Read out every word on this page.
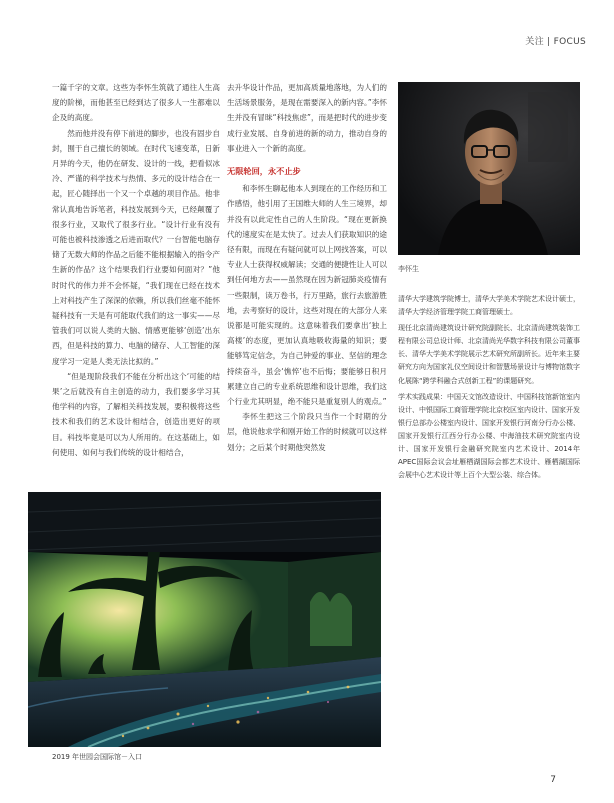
关注 | FOCUS

一篇千字的文章。这些为李怀生筑就了通往人生高度的阶梯，而他甚至已经到达了很多人一生都难以企及的高度。

然而他并没有停下前进的脚步，也没有固步自封，囿于自己擅长的领域。在时代飞速变革，日新月异的今天，他仍在研发、设计的一线，把看似冰冷、严谨的科学技术与热情、多元的设计结合在一起，匠心随择出一个又一个卓越的项目作品。他非常认真地告诉笔者，科技发展到今天，已经颠覆了很多行业，又取代了很多行业。“设计行业有没有可能也被科技渗透之后进而取代？一台智能电脑存储了无数大师的作品之后能不能根据输入的指令产生新的作品？这个结果我们行业要如何面对？”他时时代的伟力并不会怀疑，“我们现在已经在技术上对科技产生了深深的依赖，所以我们丝毫不能怀疑科技有一天是有可能取代我们的这一事实——尽管我们可以说人类的大脑、情感更能够‘创造’出东西，但是科技的算力、电脑的储存、人工智能的深度学习一定是人类无法比拟的。”

“但是现阶段我们不能在分析出这个‘可能的结果’之后就没有自主创造的动力，我们要多学习其他学科的内容，了解相关科技发展，要积极将这些技术和我们的艺术设计相结合，创造出更好的项目。科技毕竟是可以为人所用的。在这基础上，如何使用、如何与我们传统的设计相结合，

去升华设计作品，更加高质量地落地，为人们的生活场景服务，是现在需要深入的新内容。”李怀生并没有冒昧“科技焦虑”，而是把时代的进步变成行业发展、自身前进的新的动力，推动自身的事业进入一个新的高度。

无限轮回，永不止步

和李怀生聊起他本人到现在的工作经历和工作感悟，他引用了王国维大师的人生三境界，却并没有以此定性自己的人生阶段。“现在更新换代的速度实在是太快了。过去人们获取知识的途径有限，而现在有疑问就可以上网找答案，可以专业人士获得权威解读；交通的便捷性让人可以到任何地方去——虽然现在因为新冠肺炎疫情有一些限制，读万卷书，行万里路，旅行去旅游胜地，去考察好的设计，这些对现在的大部分人来说都是可能实现的。这意味着我们要拿出‘独上高楼’的态度，更加认真地吸收海量的知识；要能够笃定信念，为自己钟爱的事业、坚信的理念持续奋斗，虽会‘憔悴’也不后悔；要能够日积月累建立自己的专业系统思维和设计思维，我们这个行业尤其明显，绝不能只是重复别人的观点。”

李怀生把这三个阶段只当作一个时期的分层，他说他求学和刚开始工作的时候就可以这样划分；之后某个时期他突然发

李怀生

清华大学建筑学院博士，清华大学美术学院艺术设计硕士，清华大学经济管理学院工商管理硕士。

现任北京清尚建筑设计研究院副院长、北京清尚建筑装饰工程有限公司总设计师、北京清尚光华数字科技有限公司董事长、清华大学美术学院展示艺术研究所副所长。近年来主要研究方向为国家礼仪空间设计和智慧场景设计与博物馆数字化展陈“跨学科融合式创新工程”的课题研究。

学术实践成果：中国天文馆改造设计、中国科技馆新馆室内设计、中银国际工商管理学院北京校区室内设计、国家开发银行总部办公楼室内设计、国家开发银行河南分行办公楼、国家开发银行江西分行办公楼、中海油技术研究院室内设计、国家开发银行金融研究院室内艺术设计、2014年APEC国际会议会址雁栖湖国际会都艺术设计、雁栖湖国际会展中心艺术设计等上百个大型公装、综合体。

2019 年世园会国际馆－入口
7
